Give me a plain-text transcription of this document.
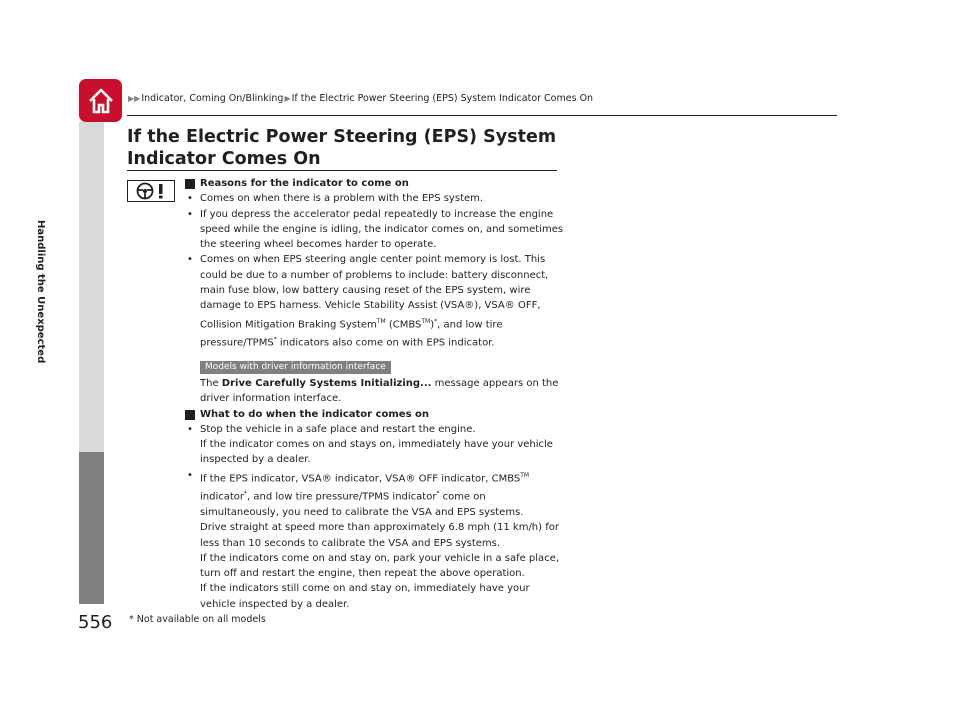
▶▶Indicator, Coming On/Blinking▶If the Electric Power Steering (EPS) System Indicator Comes On
Handling the Unexpected
556
If the Electric Power Steering (EPS) System Indicator Comes On
Reasons for the indicator to come on
• Comes on when there is a problem with the EPS system.
• If you depress the accelerator pedal repeatedly to increase the engine speed while the engine is idling, the indicator comes on, and sometimes the steering wheel becomes harder to operate.
• Comes on when EPS steering angle center point memory is lost. This could be due to a number of problems to include: battery disconnect, main fuse blow, low battery causing reset of the EPS system, wire damage to EPS harness. Vehicle Stability Assist (VSA®), VSA® OFF, Collision Mitigation Braking System™ (CMBS™)*, and low tire pressure/TPMS* indicators also come on with EPS indicator.
Models with driver information interface
The Drive Carefully Systems Initializing... message appears on the driver information interface.
What to do when the indicator comes on
• Stop the vehicle in a safe place and restart the engine.
If the indicator comes on and stays on, immediately have your vehicle inspected by a dealer.
• If the EPS indicator, VSA® indicator, VSA® OFF indicator, CMBS™ indicator*, and low tire pressure/TPMS indicator* come on simultaneously, you need to calibrate the VSA and EPS systems.
Drive straight at speed more than approximately 6.8 mph (11 km/h) for less than 10 seconds to calibrate the VSA and EPS systems.
If the indicators come on and stay on, park your vehicle in a safe place, turn off and restart the engine, then repeat the above operation.
If the indicators still come on and stay on, immediately have your vehicle inspected by a dealer.
* Not available on all models
